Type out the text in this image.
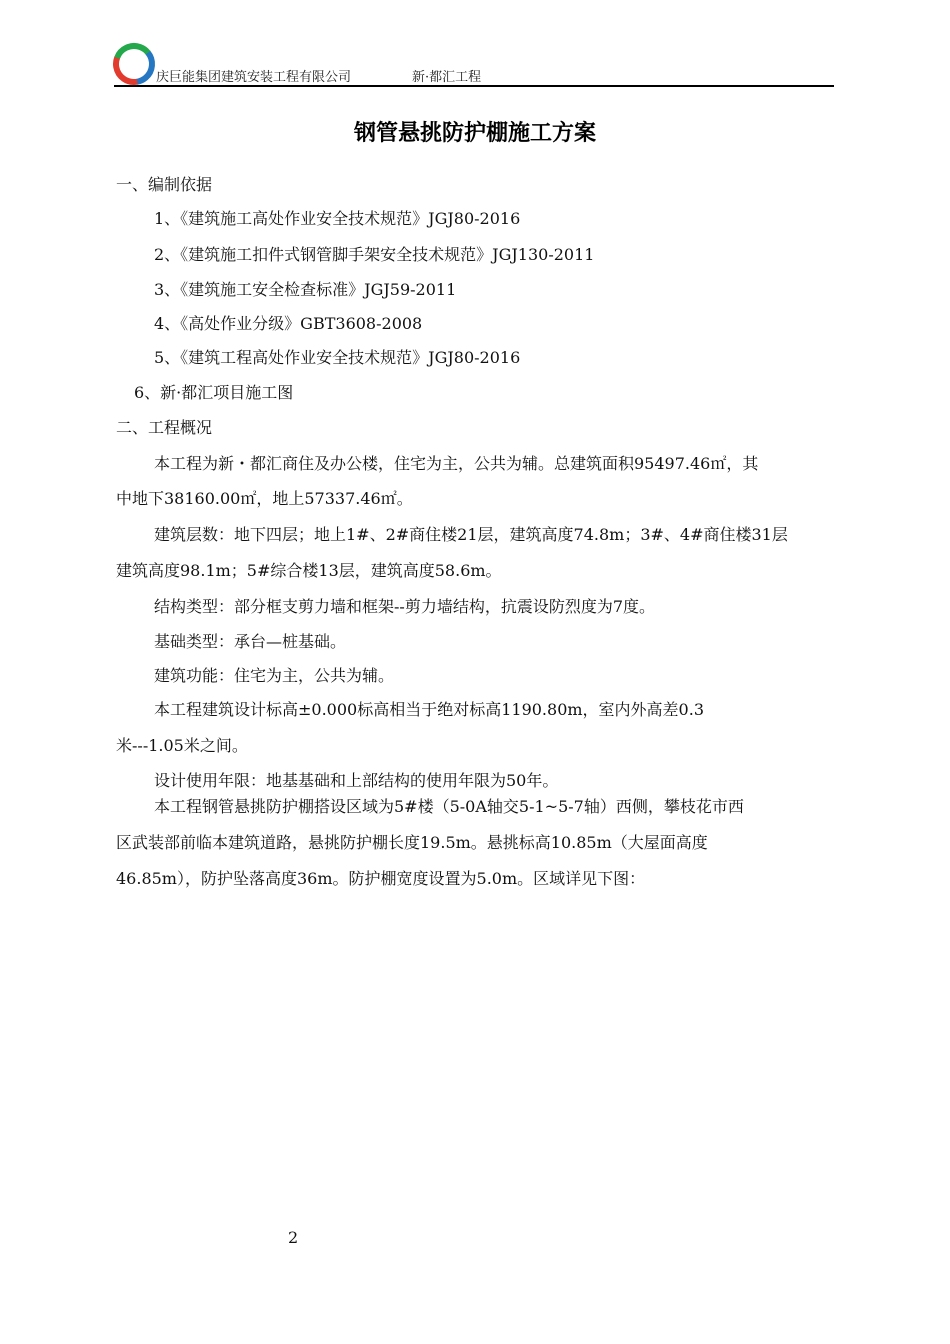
庆巨能集团建筑安装工程有限公司	新·都汇工程
钢管悬挑防护棚施工方案
一、编制依据
1、《建筑施工高处作业安全技术规范》JGJ80-2016
2、《建筑施工扣件式钢管脚手架安全技术规范》JGJ130-2011
3、《建筑施工安全检查标准》JGJ59-2011
4、《高处作业分级》GBT3608-2008
5、《建筑工程高处作业安全技术规范》JGJ80-2016
6、新·都汇项目施工图
二、工程概况
本工程为新・都汇商住及办公楼，住宅为主，公共为辅。总建筑面积95497.46㎡，其
中地下38160.00㎡，地上57337.46㎡。
建筑层数：地下四层；地上1#、2#商住楼21层，建筑高度74.8m；3#、4#商住楼31层
建筑高度98.1m；5#综合楼13层，建筑高度58.6m。
结构类型：部分框支剪力墙和框架--剪力墙结构，抗震设防烈度为7度。
基础类型：承台—桩基础。
建筑功能：住宅为主，公共为辅。
本工程建筑设计标高±0.000标高相当于绝对标高1190.80m，室内外高差0.3
米---1.05米之间。
设计使用年限：地基基础和上部结构的使用年限为50年。
本工程钢管悬挑防护棚搭设区域为5#楼（5-0A轴交5-1~5-7轴）西侧，攀枝花市西
区武装部前临本建筑道路，悬挑防护棚长度19.5m。悬挑标高10.85m（大屋面高度
46.85m），防护坠落高度36m。防护棚宽度设置为5.0m。区域详见下图：
2
